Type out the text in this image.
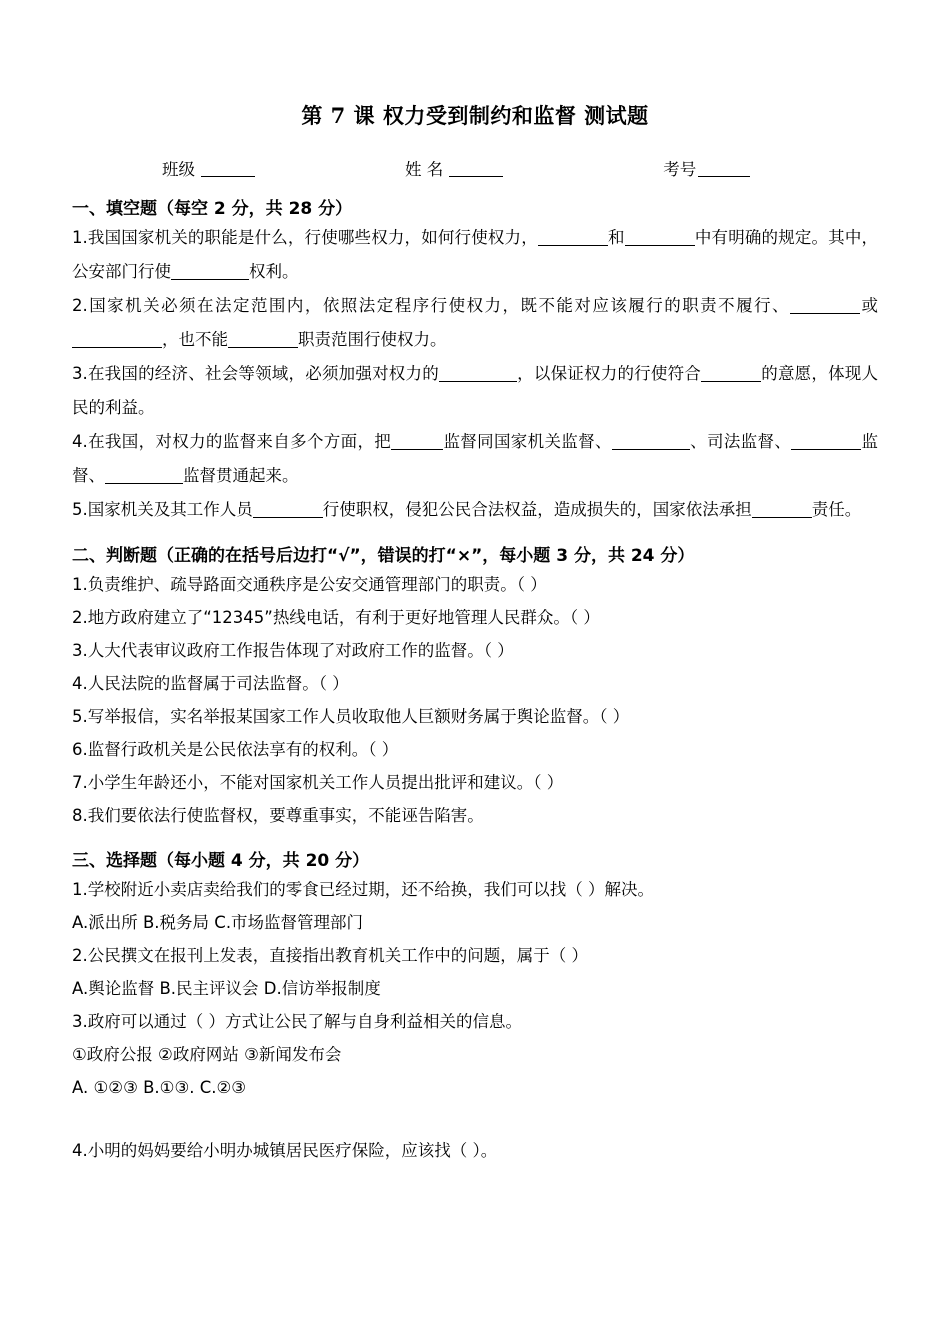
第 7 课 权力受到制约和监督 测试题
班级	姓 名	考号
一、填空题（每空 2 分，共 28 分）

1.我国国家机关的职能是什么，行使哪些权力，如何行使权力，	和	中有明确的规定。其中，公安部门行使	权利。

2.国家机关必须在法定范围内，依照法定程序行使权力，既不能对应该履行的职责不履行、	或，也不能	职责范围行使权力。

3.在我国的经济、社会等领域，必须加强对权力的	，以保证权力的行使符合	的意愿，体现人民的利益。

4.在我国，对权力的监督来自多个方面，把	监督同国家机关监督、	、司法监督、	监督、	监督贯通起来。

5.国家机关及其工作人员	行使职权，侵犯公民合法权益，造成损失的，国家依法承担	责任。

二、判断题（正确的在括号后边打“√”，错误的打“×”，每小题 3 分，共 24 分）

1.负责维护、疏导路面交通秩序是公安交通管理部门的职责。（ ）

2.地方政府建立了“12345”热线电话，有利于更好地管理人民群众。（ ）

3.人大代表审议政府工作报告体现了对政府工作的监督。（ ）

4.人民法院的监督属于司法监督。（ ）

5.写举报信，实名举报某国家工作人员收取他人巨额财务属于舆论监督。（ ）

6.监督行政机关是公民依法享有的权利。（ ）

7.小学生年龄还小，不能对国家机关工作人员提出批评和建议。（ ）

8.我们要依法行使监督权，要尊重事实，不能诬告陷害。

三、选择题（每小题 4 分，共 20 分）

1.学校附近小卖店卖给我们的零食已经过期，还不给换，我们可以找（ ）解决。

A.派出所 B.税务局 C.市场监督管理部门

2.公民撰文在报刊上发表，直接指出教育机关工作中的问题，属于（ ）

A.舆论监督 B.民主评议会 D.信访举报制度

3.政府可以通过（ ）方式让公民了解与自身利益相关的信息。

①政府公报 ②政府网站 ③新闻发布会

A. ①②③ B.①③. C.②③

4.小明的妈妈要给小明办城镇居民医疗保险，应该找（ ）。
